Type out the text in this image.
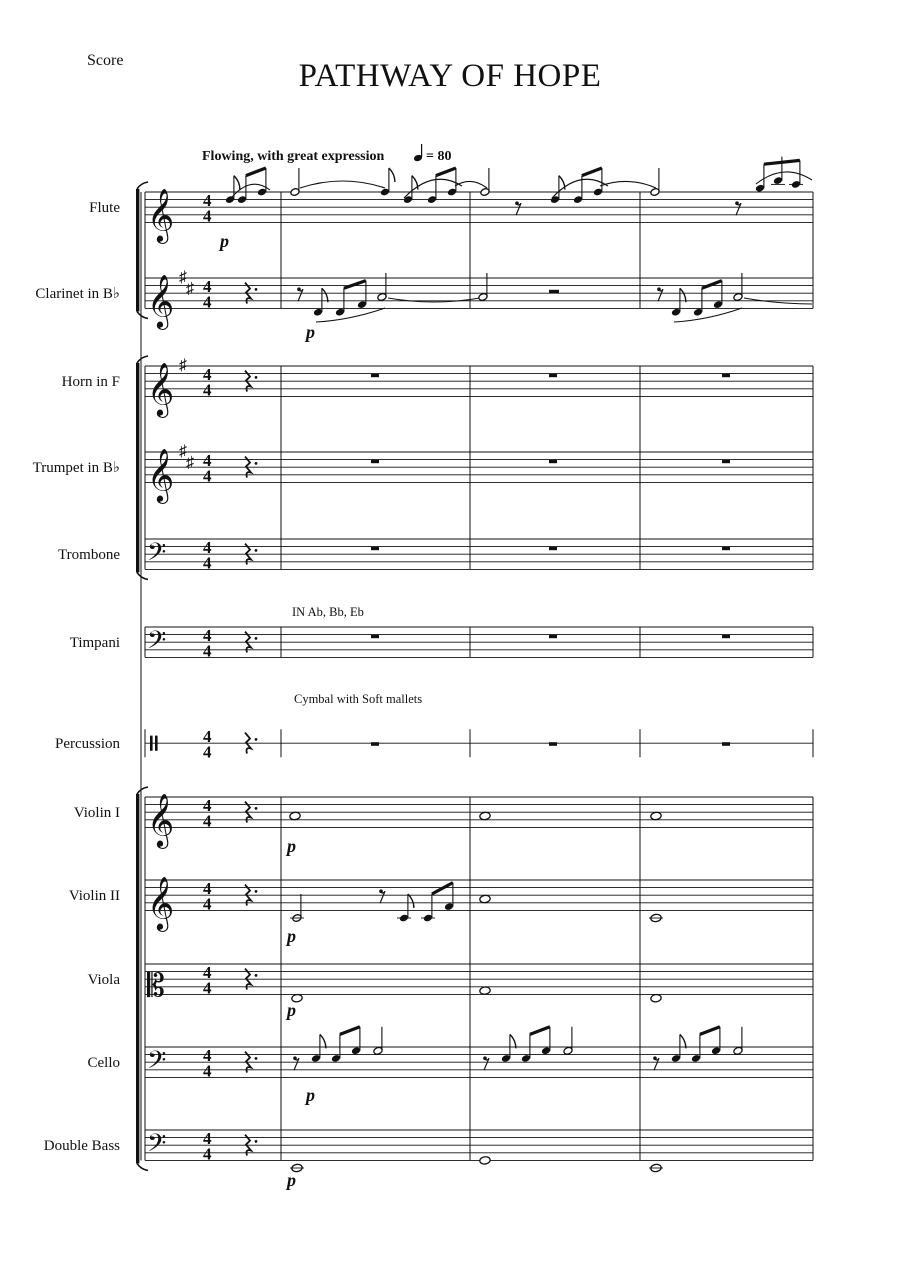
Score	PATHWAY OF HOPE
𝄞 4
4
𝄞 ♯
♯ 4
4
𝄞 ♯ 4
4
𝄞 ♯
♯ 4
4
𝄢 4
4
𝄢 4
4
4
4
𝄞 4
4
𝄞 4
4
𝄡 4
4
𝄢 4
4
𝄢 4
4
Flowing, with great expression	= 80
IN Ab, Bb, Eb
Cymbal with Soft mallets
Flute
Clarinet in B♭
Horn in F
Trumpet in B♭
Trombone
Timpani
Percussion
Violin I
Violin II
Viola
Cello
Double Bass
p
p
p
p
p
p
p
